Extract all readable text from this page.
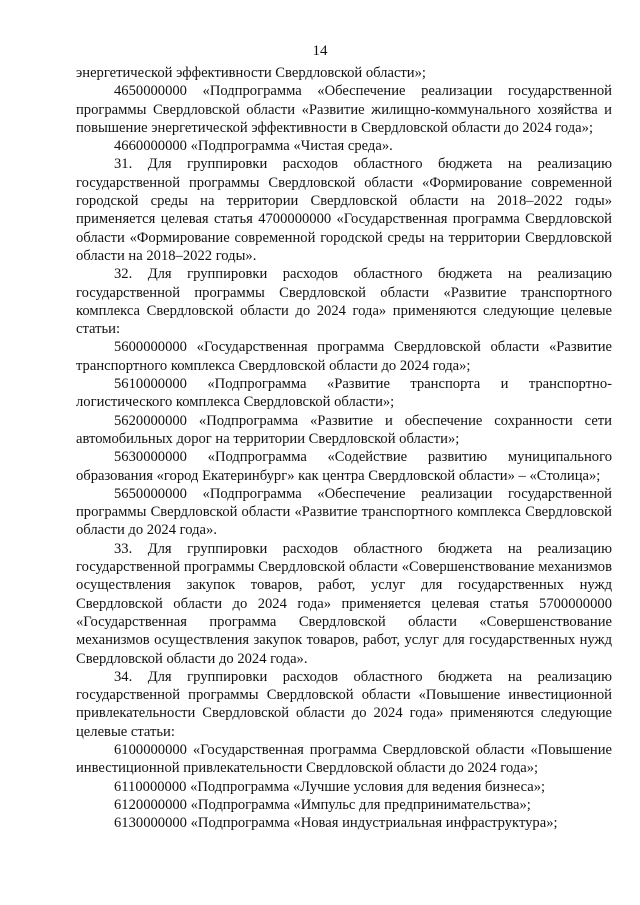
14

энергетической эффективности Свердловской области»;

4650000000 «Подпрограмма «Обеспечение реализации государственной программы Свердловской области «Развитие жилищно-коммунального хозяйства и повышение энергетической эффективности в Свердловской области до 2024 года»;

4660000000 «Подпрограмма «Чистая среда».

31. Для группировки расходов областного бюджета на реализацию государственной программы Свердловской области «Формирование современной городской среды на территории Свердловской области на 2018–2022 годы» применяется целевая статья 4700000000 «Государственная программа Свердловской области «Формирование современной городской среды на территории Свердловской области на 2018–2022 годы».

32. Для группировки расходов областного бюджета на реализацию государственной программы Свердловской области «Развитие транспортного комплекса Свердловской области до 2024 года» применяются следующие целевые статьи:

5600000000 «Государственная программа Свердловской области «Развитие транспортного комплекса Свердловской области до 2024 года»;

5610000000 «Подпрограмма «Развитие транспорта и транспортно-логистического комплекса Свердловской области»;

5620000000 «Подпрограмма «Развитие и обеспечение сохранности сети автомобильных дорог на территории Свердловской области»;

5630000000 «Подпрограмма «Содействие развитию муниципального образования «город Екатеринбург» как центра Свердловской области» – «Столица»;

5650000000 «Подпрограмма «Обеспечение реализации государственной программы Свердловской области «Развитие транспортного комплекса Свердловской области до 2024 года».

33. Для группировки расходов областного бюджета на реализацию государственной программы Свердловской области «Совершенствование механизмов осуществления закупок товаров, работ, услуг для государственных нужд Свердловской области до 2024 года» применяется целевая статья 5700000000 «Государственная программа Свердловской области «Совершенствование механизмов осуществления закупок товаров, работ, услуг для государственных нужд Свердловской области до 2024 года».

34. Для группировки расходов областного бюджета на реализацию государственной программы Свердловской области «Повышение инвестиционной привлекательности Свердловской области до 2024 года» применяются следующие целевые статьи:

6100000000 «Государственная программа Свердловской области «Повышение инвестиционной привлекательности Свердловской области до 2024 года»;

6110000000 «Подпрограмма «Лучшие условия для ведения бизнеса»;

6120000000 «Подпрограмма «Импульс для предпринимательства»;

6130000000 «Подпрограмма «Новая индустриальная инфраструктура»;
